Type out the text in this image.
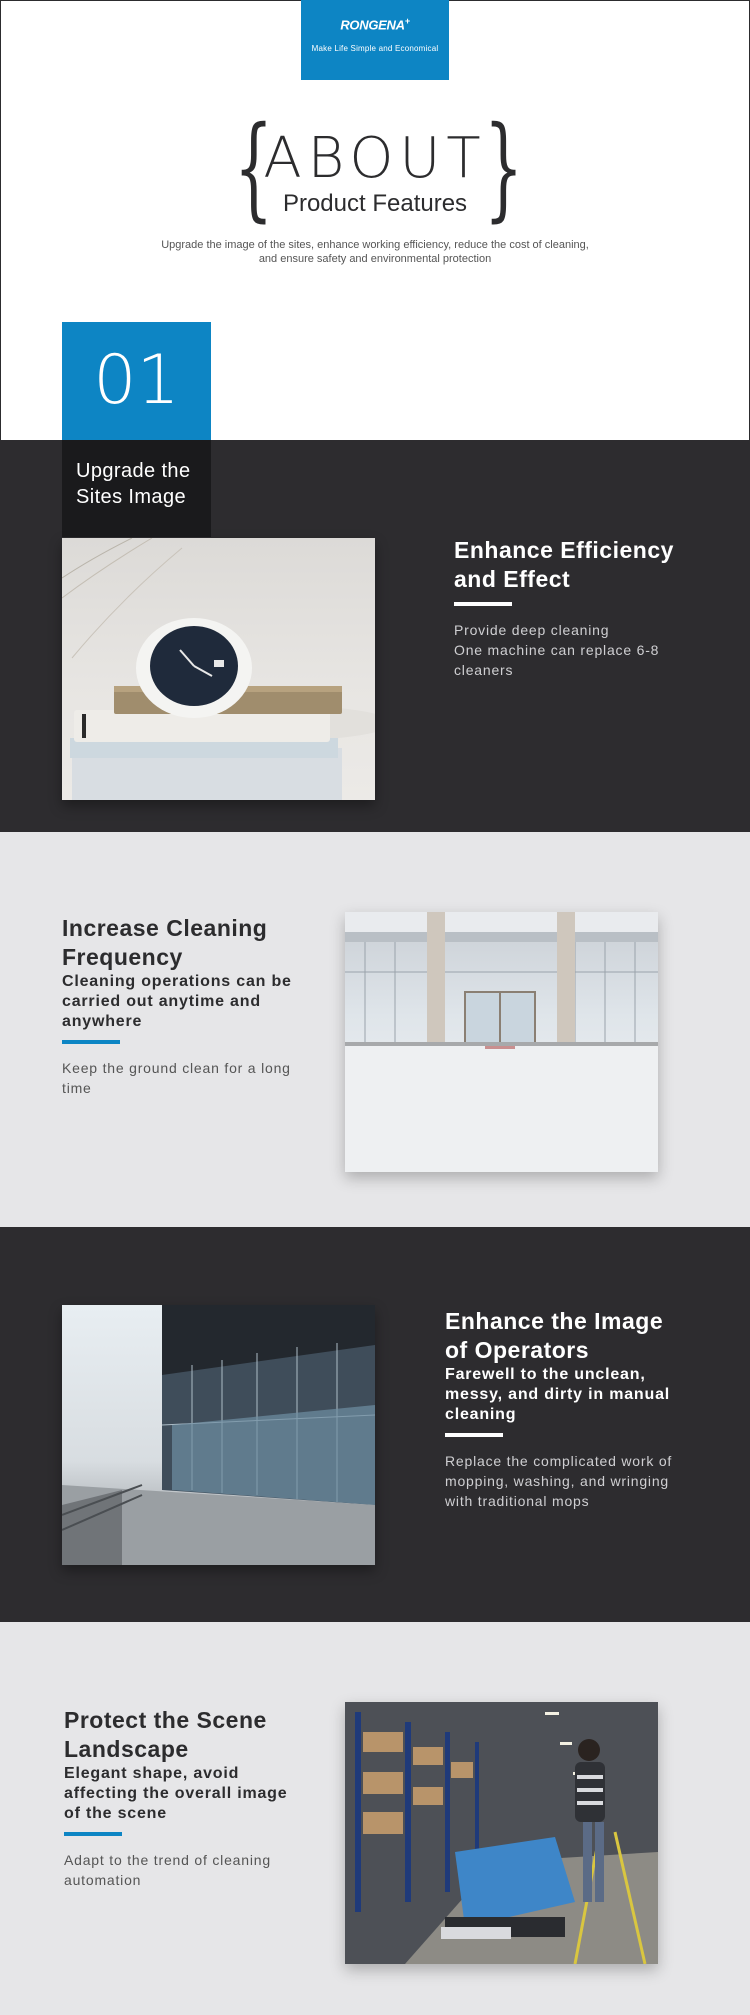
RONGENA+
Make Life Simple and Economical
{ }
ABOUT
Product Features
Upgrade the image of the sites, enhance working efficiency, reduce the cost of cleaning,
and ensure safety and environmental protection
01
Upgrade the
Sites Image
Enhance Efficiency
and Effect

Provide deep cleaning
One machine can replace 6-8
cleaners

Increase Cleaning
Frequency
Cleaning operations can be
carried out anytime and
anywhere

Keep the ground clean for a long
time

Enhance the Image
of Operators
Farewell to the unclean,
messy, and dirty in manual
cleaning

Replace the complicated work of
mopping, washing, and wringing
with traditional mops

Protect the Scene
Landscape
Elegant shape, avoid
affecting the overall image
of the scene

Adapt to the trend of cleaning
automation
